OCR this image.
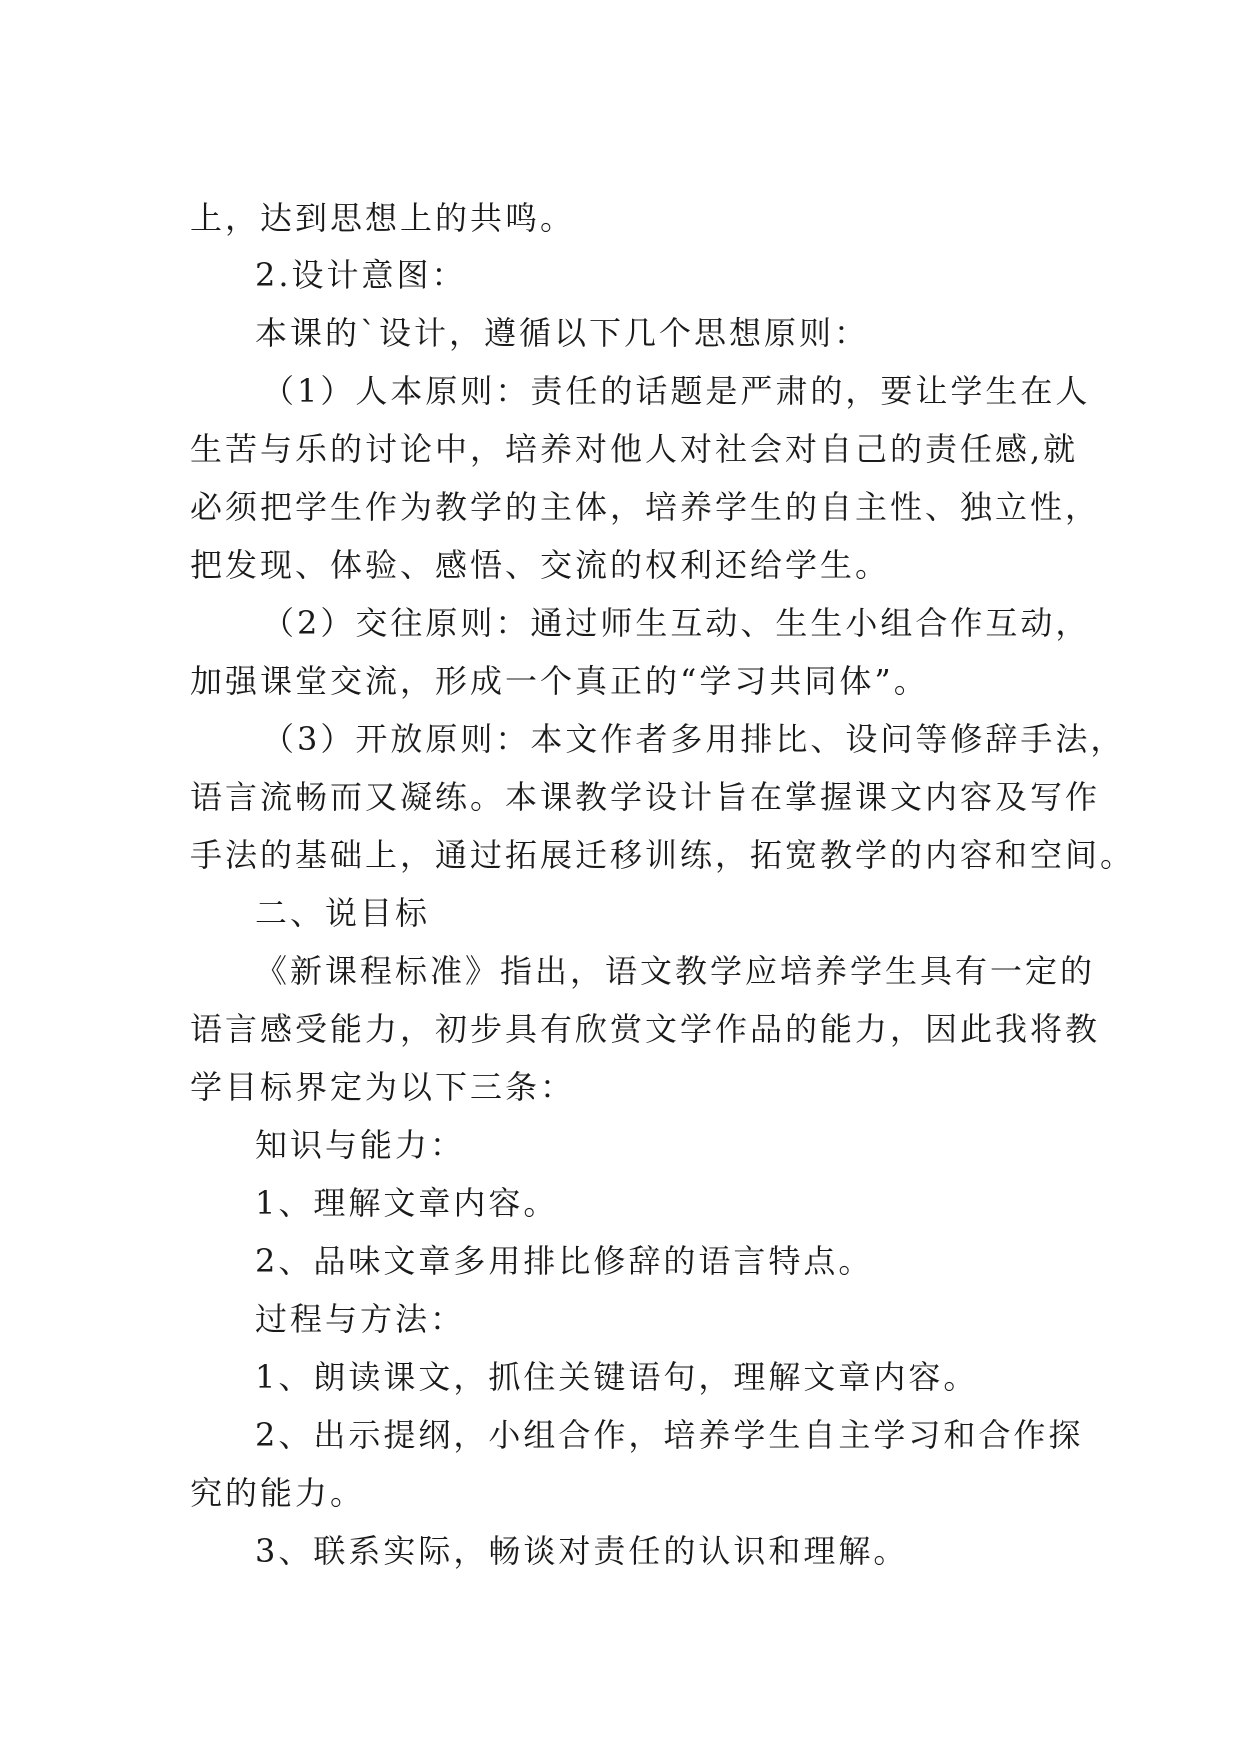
上，达到思想上的共鸣。

2.设计意图：

本课的`设计，遵循以下几个思想原则：

（1）人本原则：责任的话题是严肃的，要让学生在人

生苦与乐的讨论中，培养对他人对社会对自己的责任感,就

必须把学生作为教学的主体，培养学生的自主性、独立性，

把发现、体验、感悟、交流的权利还给学生。

（2）交往原则：通过师生互动、生生小组合作互动，

加强课堂交流，形成一个真正的“学习共同体”。

（3）开放原则：本文作者多用排比、设问等修辞手法，

语言流畅而又凝练。本课教学设计旨在掌握课文内容及写作

手法的基础上，通过拓展迁移训练，拓宽教学的内容和空间。

二、说目标

《新课程标准》指出，语文教学应培养学生具有一定的

语言感受能力，初步具有欣赏文学作品的能力，因此我将教

学目标界定为以下三条：

知识与能力：

1、理解文章内容。

2、品味文章多用排比修辞的语言特点。

过程与方法：

1、朗读课文，抓住关键语句，理解文章内容。

2、出示提纲，小组合作，培养学生自主学习和合作探

究的能力。

3、联系实际，畅谈对责任的认识和理解。
